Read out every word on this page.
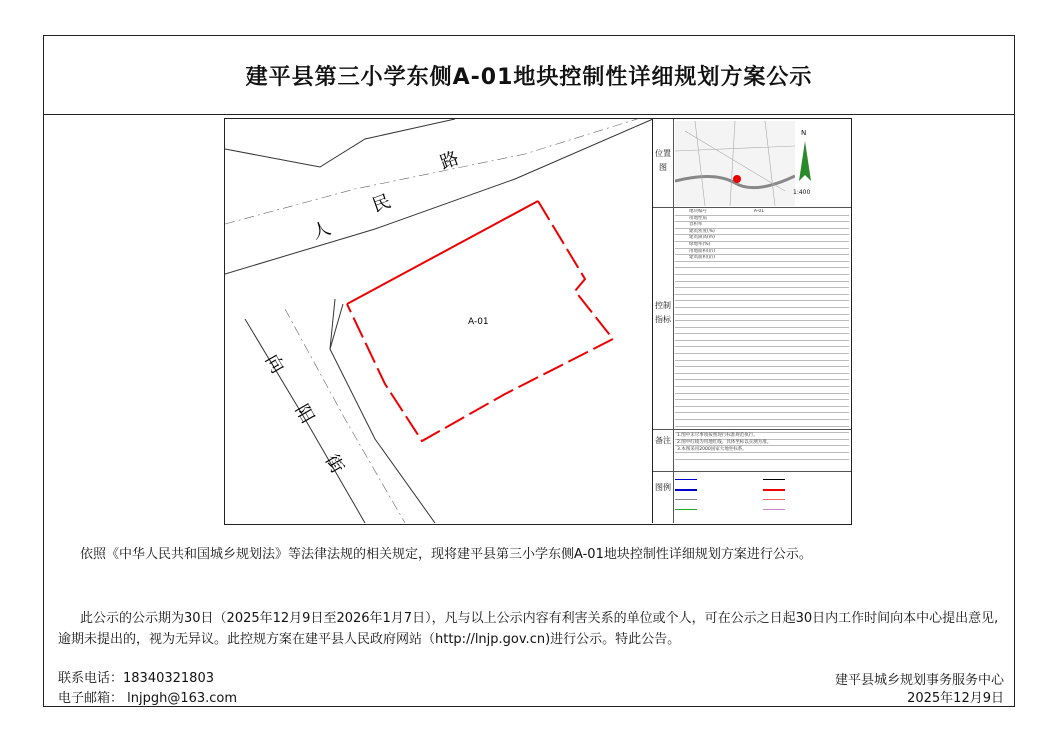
建平县第三小学东侧A-01地块控制性详细规划方案公示
A-01
人
民
路
向
阳
街
位置图
控制指标
备注
图例
N
1:400
地块编号	A-01
用地性质
容积率
建筑密度(%)
建筑限高(m)
绿地率(%)
用地面积(㎡)
建筑面积(㎡)
1.图中未尽事项按照现行标准规范执行。
2.图中红线为用地红线，具体坐标以实测为准。
3.本图采用2000国家大地坐标系。
依照《中华人民共和国城乡规划法》等法律法规的相关规定，现将建平县第三小学东侧A-01地块控制性详细规划方案进行公示。
此公示的公示期为30日（2025年12月9日至2026年1月7日），凡与以上公示内容有利害关系的单位或个人，可在公示之日起30日内工作时间向本中心提出意见,逾期未提出的，视为无异议。此控规方案在建平县人民政府网站（http://lnjp.gov.cn)进行公示。特此公告。
联系电话：18340321803
电子邮箱： lnjpgh@163.com
建平县城乡规划事务服务中心
2025年12月9日
